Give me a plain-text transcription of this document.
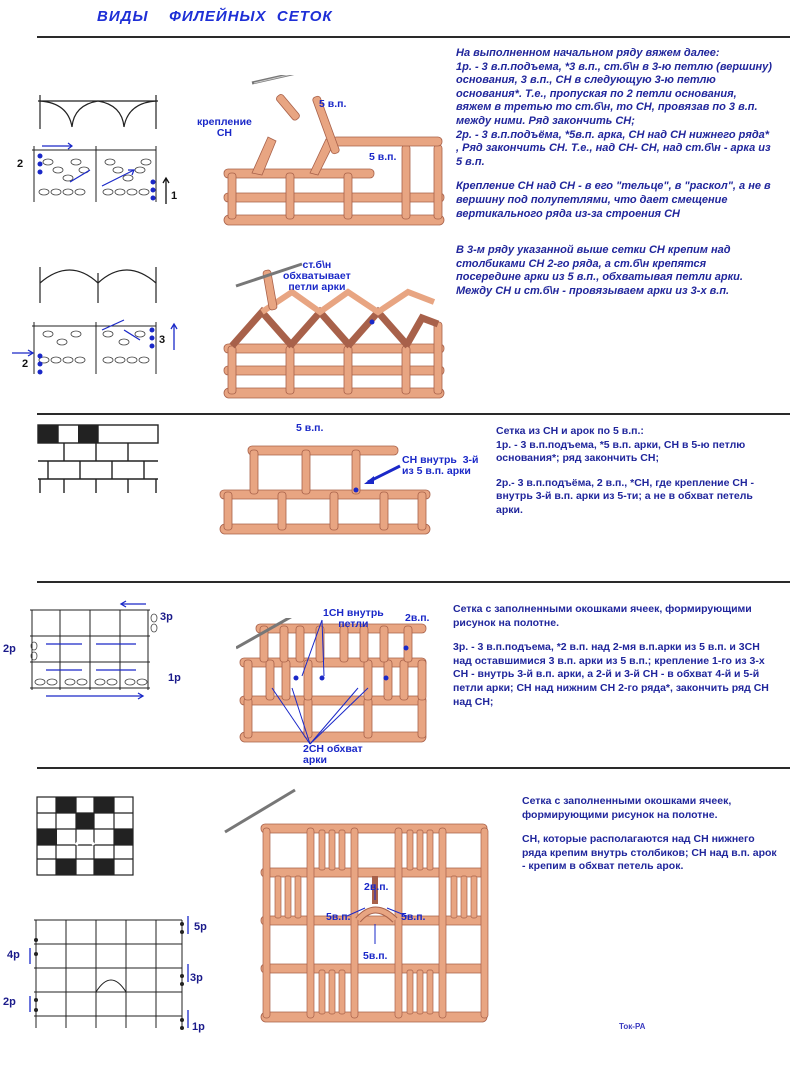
ВИДЫ    ФИЛЕЙНЫХ  СЕТОК
2
1
5 в.п.
5 в.п.
крепление
СН

На выполненном начальном ряду вяжем далее:

1р. - 3 в.п.подъема, *3 в.п., ст.б\н в 3-ю петлю (вершину) основания, 3 в.п., СН в следующую 3-ю петлю основания*. Т.е., пропуская по 2 петли основания, вяжем в третью то ст.б\н, то СН, провязав по 3 в.п. между ними. Ряд закончить СН;

2р. - 3 в.п.подъёма, *5в.п. арка, СН над СН нижнего ряда* , Ряд закончить СН. Т.е., над СН- СН, над ст.б\н - арка из 5 в.п.

Крепление СН над СН - в его "тельце", в "раскол", а не в вершину под полупетлями, что дает смещение вертикального ряда из-за строения СН

3
2
ст.б\н
обхватывает
петли арки

В 3-м ряду указанной выше сетки СН крепим над столбиками СН 2-го ряда, а ст.б\н крепятся посередине арки из 5 в.п., обхватывая петли арки. Между СН и ст.б\н - провязываем арки из 3-х в.п.

5 в.п.
СН внутрь  3-й
из 5 в.п. арки

Сетка из СН и арок по 5 в.п.:

1р. - 3 в.п.подъема, *5 в.п. арки, СН в 5-ю петлю основания*; ряд закончить СН;

2р.- 3 в.п.подъёма, 2 в.п., *СН, где крепление СН - внутрь 3-й в.п. арки из 5-ти; а не в обхват петель арки.

3р
2р
1р
1СН внутрь
петли	2в.п.
2СН обхват
арки

Сетка с заполненными окошками ячеек, формирующими рисунок на полотне.

3р. - 3 в.п.подъема, *2 в.п. над 2-мя в.п.арки из 5 в.п. и 3СН над оставшимися 3 в.п. арки из 5 в.п.; крепление 1-го из 3-х СН - внутрь 3-й в.п. арки, а 2-й и 3-й СН - в обхват 4-й и 5-й петли арки; СН над нижним СН 2-го ряда*, закончить ряд СН над СН;

5р
4р
3р
2р
1р
2в.п.
5в.п.	5в.п.
5в.п.

Сетка с заполненными окошками ячеек, формирующими рисунок на полотне.

СН, которые располагаются над СН нижнего ряда крепим внутрь столбиков; СН над в.п. арок - крепим в обхват петель арок.

Ток-РА
